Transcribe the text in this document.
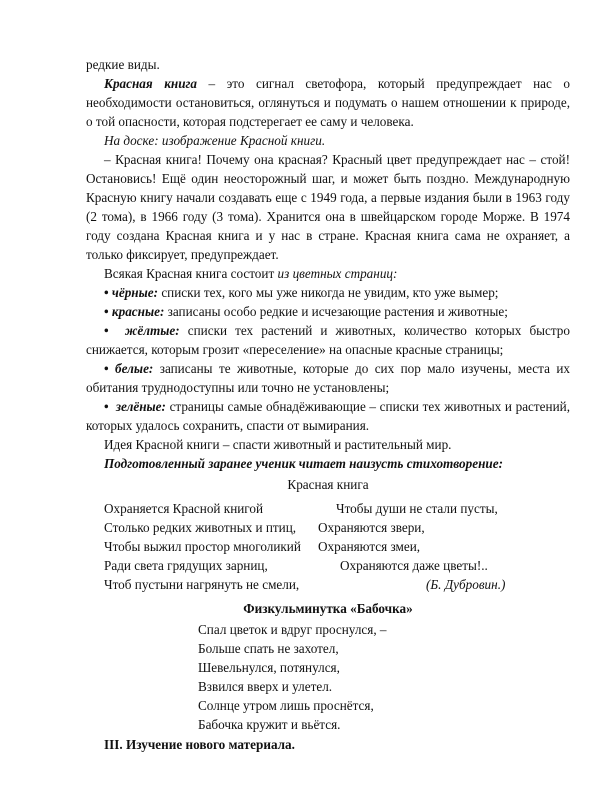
редкие виды.

Красная книга – это сигнал светофора, который предупреждает нас о необходимости остановиться, оглянуться и подумать о нашем отношении к природе, о той опасности, которая подстерегает ее саму и человека.

На доске: изображение Красной книги.

– Красная книга! Почему она красная? Красный цвет предупреждает нас – стой! Остановись! Ещё один неосторожный шаг, и может быть поздно. Международную Красную книгу начали создавать еще с 1949 года, а первые издания были в 1963 году (2 тома), в 1966 году (3 тома). Хранится она в швейцарском городе Морже. В 1974 году создана Красная книга и у нас в стране. Красная книга сама не охраняет, а только фиксирует, предупреждает.

Всякая Красная книга состоит из цветных страниц:

• чёрные: списки тех, кого мы уже никогда не увидим, кто уже вымер;

• красные: записаны особо редкие и исчезающие растения и животные;

• жёлтые: списки тех растений и животных, количество которых быстро снижается, которым грозит «переселение» на опасные красные страницы;

• белые: записаны те животные, которые до сих пор мало изучены, места их обитания труднодоступны или точно не установлены;

• зелёные: страницы самые обнадёживающие – списки тех животных и растений, которых удалось сохранить, спасти от вымирания.

Идея Красной книги – спасти животный и растительный мир.

Подготовленный заранее ученик читает наизусть стихотворение:

Красная книга

Охраняется Красной книгой	Чтобы души не стали пусты,
Столько редких животных и птиц, Охраняются звери,
Чтобы выжил простор многоликий Охраняются змеи,
Ради света грядущих зарниц,	Охраняются даже цветы!..
Чтоб пустыни нагрянуть не смели,	(Б. Дубровин.)

Физкульминутка «Бабочка»

Спал цветок и вдруг проснулся, –

Больше спать не захотел,

Шевельнулся, потянулся,

Взвился вверх и улетел.

Солнце утром лишь проснётся,

Бабочка кружит и вьётся.

III. Изучение нового материала.
